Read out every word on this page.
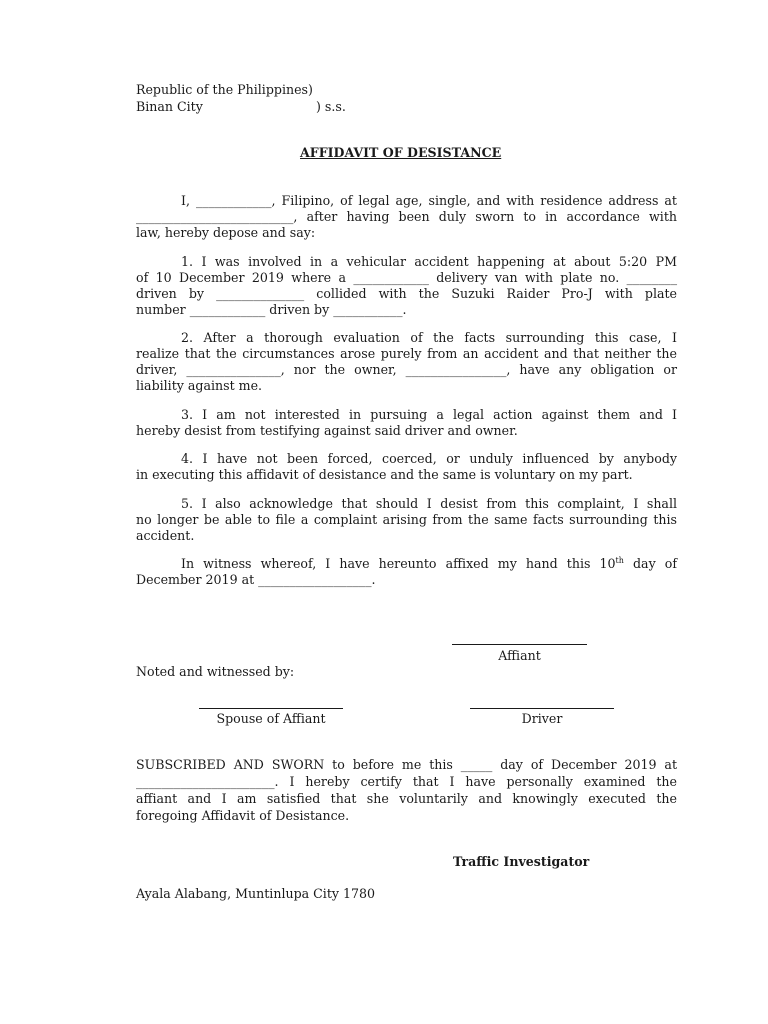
Republic of the Philippines)
Binan City	) s.s.
AFFIDAVIT OF DESISTANCE
I, ____________, Filipino, of legal age, single, and with residence address at
_________________________, after having been duly sworn to in accordance with
law, hereby depose and say:
1. I was involved in a vehicular accident happening at about 5:20 PM
of 10 December 2019 where a ____________ delivery van with plate no. ________
driven by ______________ collided with the Suzuki Raider Pro-J with plate
number ____________ driven by ___________.
2. After a thorough evaluation of the facts surrounding this case, I
realize that the circumstances arose purely from an accident and that neither the
driver, _______________, nor the owner, ________________, have any obligation or
liability against me.
3. I am not interested in pursuing a legal action against them and I
hereby desist from testifying against said driver and owner.
4. I have not been forced, coerced, or unduly influenced by anybody
in executing this affidavit of desistance and the same is voluntary on my part.
5. I also acknowledge that should I desist from this complaint, I shall
no longer be able to file a complaint arising from the same facts surrounding this
accident.
In witness whereof, I have hereunto affixed my hand this 10th day of
December 2019 at __________________.
Affiant
Noted and witnessed by:
Spouse of Affiant	Driver
SUBSCRIBED AND SWORN to before me this _____ day of December 2019 at
______________________. I hereby certify that I have personally examined the
affiant and I am satisfied that she voluntarily and knowingly executed the
foregoing Affidavit of Desistance.
Traffic Investigator
Ayala Alabang, Muntinlupa City 1780
